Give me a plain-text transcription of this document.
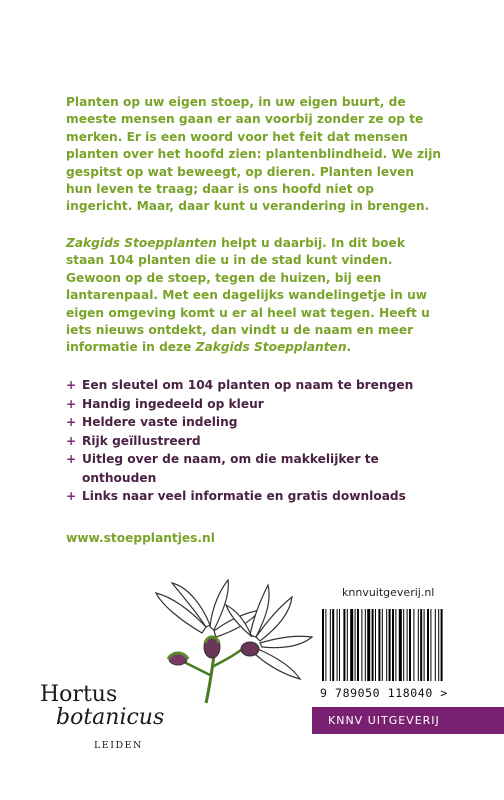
Planten op uw eigen stoep, in uw eigen buurt, de meeste mensen gaan er aan voorbij zonder ze op te merken. Er is een woord voor het feit dat mensen planten over het hoofd zien: plantenblindheid. We zijn gespitst op wat beweegt, op dieren. Planten leven hun leven te traag; daar is ons hoofd niet op ingericht. Maar, daar kunt u verandering in brengen.

Zakgids Stoepplanten helpt u daarbij. In dit boek staan 104 planten die u in de stad kunt vinden. Gewoon op de stoep, tegen de huizen, bij een lantarenpaal. Met een dagelijks wandelingetje in uw eigen omgeving komt u er al heel wat tegen. Heeft u iets nieuws ontdekt, dan vindt u de naam en meer informatie in deze Zakgids Stoepplanten.

+ Een sleutel om 104 planten op naam te brengen
+ Handig ingedeeld op kleur
+ Heldere vaste indeling
+ Rijk geïllustreerd
+ Uitleg over de naam, om die makkelijker te onthouden
+ Links naar veel informatie en gratis downloads
www.stoepplantjes.nl
Hortus
botanicus
LEIDEN
knnvuitgeverij.nl
9 789050 118040 >
KNNV UITGEVERIJ
